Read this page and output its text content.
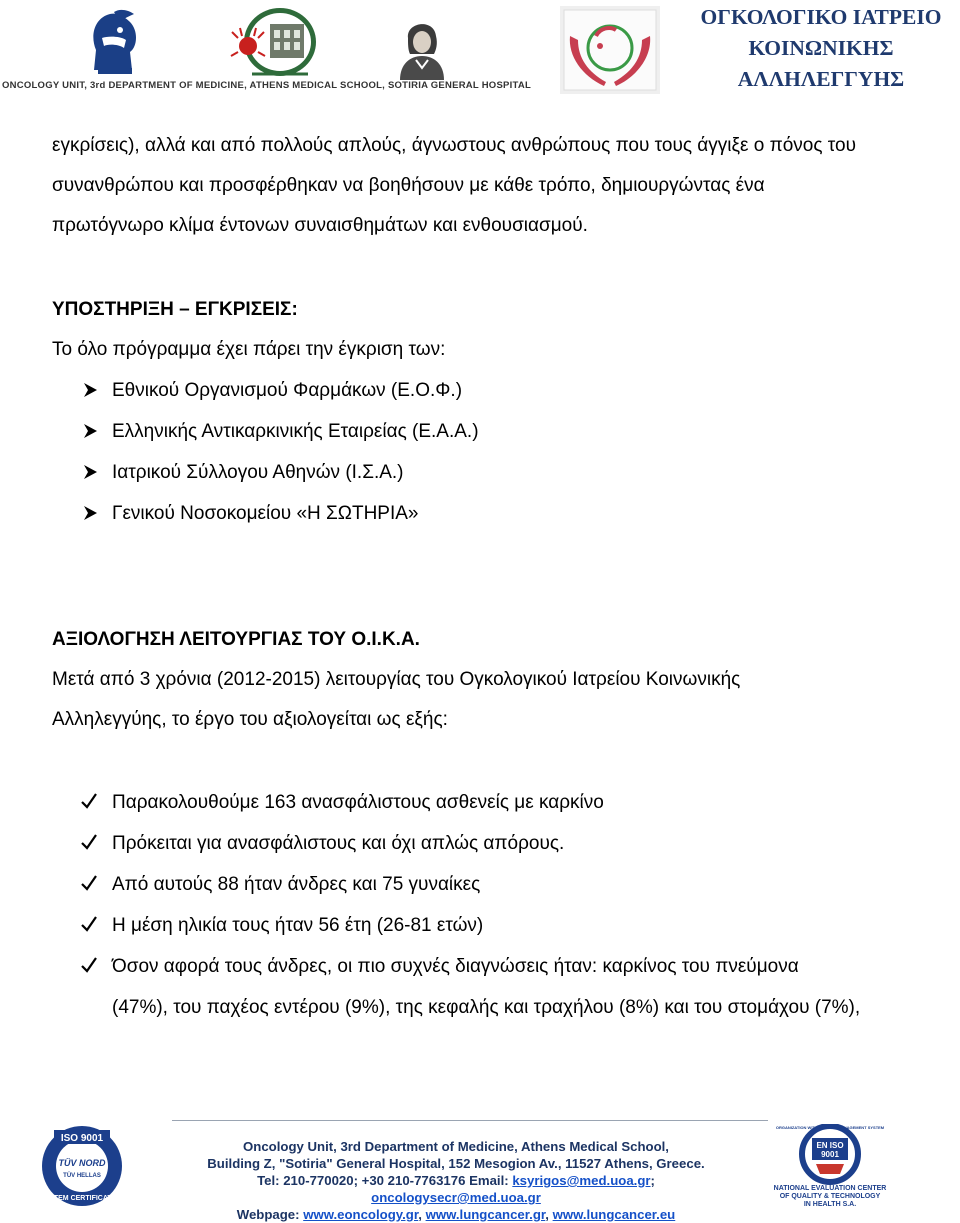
ONCOLOGY UNIT, 3rd DEPARTMENT OF MEDICINE, ATHENS MEDICAL SCHOOL, SOTIRIA GENERAL HOSPITAL
ΟΓΚΟΛΟΓΙΚΟ ΙΑΤΡΕΙΟ
ΚΟΙΝΩΝΙΚΗΣ
ΑΛΛΗΛΕΓΓΥΗΣ
εγκρίσεις), αλλά και από πολλούς απλούς, άγνωστους ανθρώπους που τους άγγιξε ο πόνος του
συνανθρώπου και προσφέρθηκαν να βοηθήσουν με κάθε τρόπο, δημιουργώντας ένα
πρωτόγνωρο κλίμα έντονων συναισθημάτων και ενθουσιασμού.
ΥΠΟΣΤΗΡΙΞΗ – ΕΓΚΡΙΣΕΙΣ:
Το όλο πρόγραμμα έχει πάρει την έγκριση των:
Εθνικού Οργανισμού Φαρμάκων (Ε.Ο.Φ.)
Ελληνικής Αντικαρκινικής Εταιρείας (Ε.Α.Α.)
Ιατρικού Σύλλογου Αθηνών (Ι.Σ.Α.)
Γενικού Νοσοκομείου «Η ΣΩΤΗΡΙΑ»
ΑΞΙΟΛΟΓΗΣΗ ΛΕΙΤΟΥΡΓΙΑΣ ΤΟΥ Ο.Ι.Κ.Α.
Μετά από 3 χρόνια (2012-2015) λειτουργίας του Ογκολογικού Ιατρείου Κοινωνικής
Αλληλεγγύης, το έργο του αξιολογείται ως εξής:
Παρακολουθούμε 163 ανασφάλιστους ασθενείς με καρκίνο
Πρόκειται για ανασφάλιστους και όχι απλώς απόρους.
Από αυτούς 88 ήταν άνδρες και 75 γυναίκες
Η μέση ηλικία τους ήταν 56 έτη (26-81 ετών)
Όσον αφορά τους άνδρες, οι πιο συχνές διαγνώσεις ήταν: καρκίνος του πνεύμονα
(47%), του παχέος εντέρου (9%), της κεφαλής και τραχήλου (8%) και του στομάχου (7%),
ISO 9001
TÜV NORD
TÜV HELLAS
SYSTEM CERTIFICATION
Oncology Unit, 3rd Department of Medicine, Athens Medical School,
Building Z, "Sotiria" General Hospital, 152 Mesogion Av., 11527 Athens, Greece.
Tel: 210-770020; +30 210-7763176 Email: ksyrigos@med.uoa.gr; oncologysecr@med.uoa.gr
Webpage: www.eoncology.gr, www.lungcancer.gr, www.lungcancer.eu
ORGANIZATION WITH QUALITY MANAGEMENT SYSTEM
EN ISO
9001
NATIONAL EVALUATION CENTER
OF QUALITY & TECHNOLOGY
IN HEALTH S.A.
